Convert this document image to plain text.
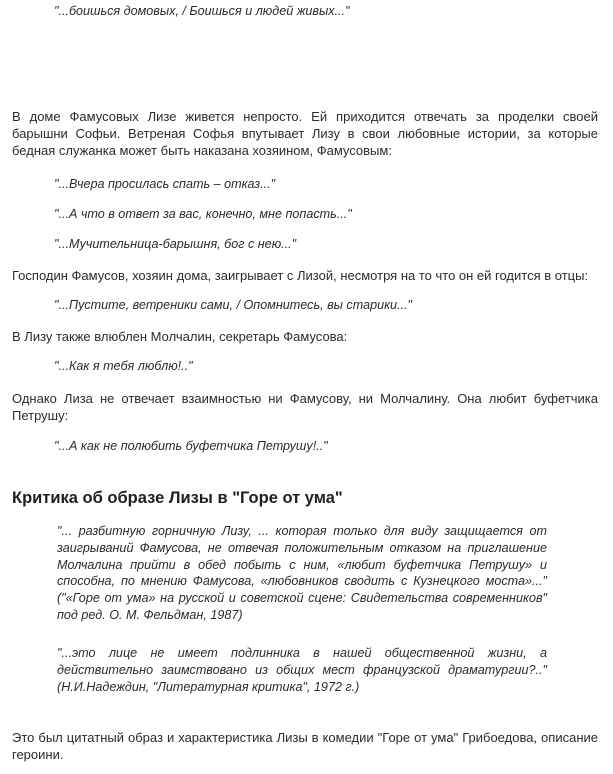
"...боишься домовых, / Боишься и людей живых..."

В доме Фамусовых Лизе живется непросто. Ей приходится отвечать за проделки своей барышни Софьи. Ветреная Софья впутывает Лизу в свои любовные истории, за которые бедная служанка может быть наказана хозяином, Фамусовым:

"...Вчера просилась спать – отказ..."

"...А что в ответ за вас, конечно, мне попасть..."

"...Мучительница-барышня, бог с нею..."

Господин Фамусов, хозяин дома, заигрывает с Лизой, несмотря на то что он ей годится в отцы:

"...Пустите, ветреники сами, / Опомнитесь, вы старики..."

В Лизу также влюблен Молчалин, секретарь Фамусова:

"...Как я тебя люблю!.."

Однако Лиза не отвечает взаимностью ни Фамусову, ни Молчалину. Она любит буфетчика Петрушу:

"...А как не полюбить буфетчика Петрушу!.."

Критика об образе Лизы в "Горе от ума"

"... разбитную горничную Лизу, ... которая только для виду защищается от заигрываний Фамусова, не отвечая положительным отказом на приглашение Молчалина прийти в обед побыть с ним, «любит буфетчика Петрушу» и способна, по мнению Фамусова, «любовников сводить с Кузнецкого моста»..." ("«Горе от ума» на русской и советской сцене: Свидетельства современников" под ред. О. М. Фельдман, 1987)

"...это лице не имеет подлинника в нашей общественной жизни, а действительно заимствовано из общих мест французской драматургии?.." (Н.И.Надеждин, "Литературная критика", 1972 г.)

Это был цитатный образ и характеристика Лизы в комедии "Горе от ума" Грибоедова, описание героини.
